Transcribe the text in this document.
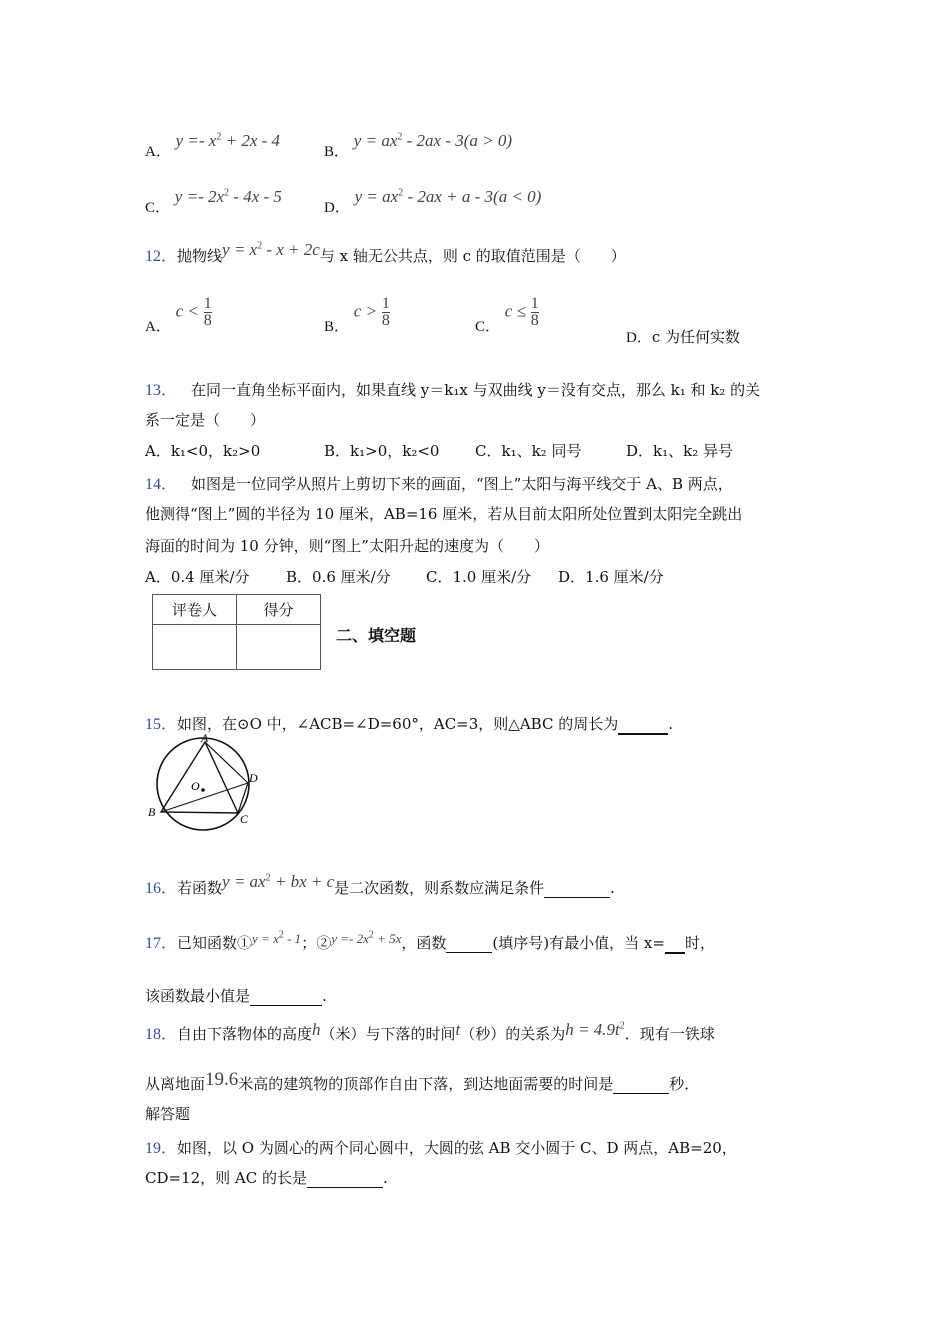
A． $y =- x^2 + 2x - 4$
B． $y = ax^2 - 2ax - 3(a > 0)$
C． $y =- 2x^2 - 4x - 5$
D． $y = ax^2 - 2ax + a - 3(a < 0)$
12．抛物线$y = x^2 - x + 2c$与 x 轴无公共点，则 c 的取值范围是（　　）
A． $c < \frac{1}{8}$	B． $c > \frac{1}{8}$	C． $c \le \frac{1}{8}$
D．c 为任何实数
13． 在同一直角坐标平面内，如果直线 y＝k₁x 与双曲线 y＝没有交点，那么 k₁ 和 k₂ 的关
系一定是（　　）
A．k₁<0，k₂>0	B．k₁>0，k₂<0 C．k₁、k₂ 同号	D．k₁、k₂ 异号
14． 如图是一位同学从照片上剪切下来的画面，“图上”太阳与海平线交于 A、B 两点，
他测得“图上”圆的半径为 10 厘米，AB=16 厘米，若从目前太阳所处位置到太阳完全跳出
海面的时间为 10 分钟，则“图上”太阳升起的速度为（　　）
A．0.4 厘米/分 B．0.6 厘米/分 C．1.0 厘米/分 D．1.6 厘米/分
评卷人	得分

二、填空题
15．如图，在⊙O 中，∠ACB=∠D=60°，AC=3，则△ABC 的周长为	.
A
B	C
D
O
16．若函数$y = ax^2$ + bx + c是二次函数，则系数应满足条件	.
17．已知函数①y = $x^2 - 1$；②y =- $2x^2 + 5x$，函数	(填序号)有最小值，当 x= 时，
该函数最小值是	.
18．自由下落物体的高度h（米）与下落的时间t（秒）的关系为$h = 4.9t^2$．现有一铁球
从离地面19.6米高的建筑物的顶部作自由下落，到达地面需要的时间是	秒．
解答题
19．如图，以 O 为圆心的两个同心圆中，大圆的弦 AB 交小圆于 C、D 两点，AB=20，
CD=12，则 AC 的长是	.
